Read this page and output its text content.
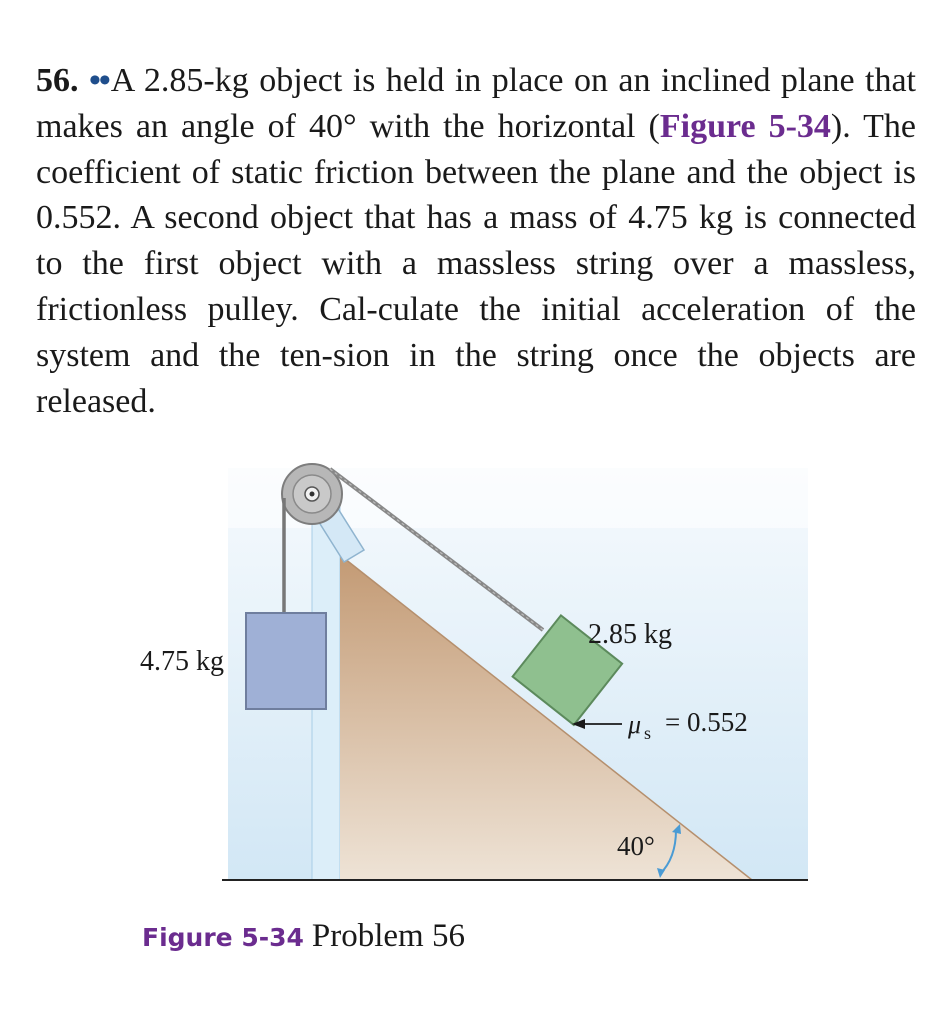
56. ••A 2.85-kg object is held in place on an inclined plane that makes an angle of 40° with the horizontal (Figure 5-34). The coefficient of static friction between the plane and the object is 0.552. A second object that has a mass of 4.75 kg is connected to the first object with a massless string over a massless, frictionless pulley. Cal-culate the initial acceleration of the system and the ten-sion in the string once the objects are released.
4.75 kg
2.85 kg
μ s = 0.552
40°
Figure 5-34 Problem 56
